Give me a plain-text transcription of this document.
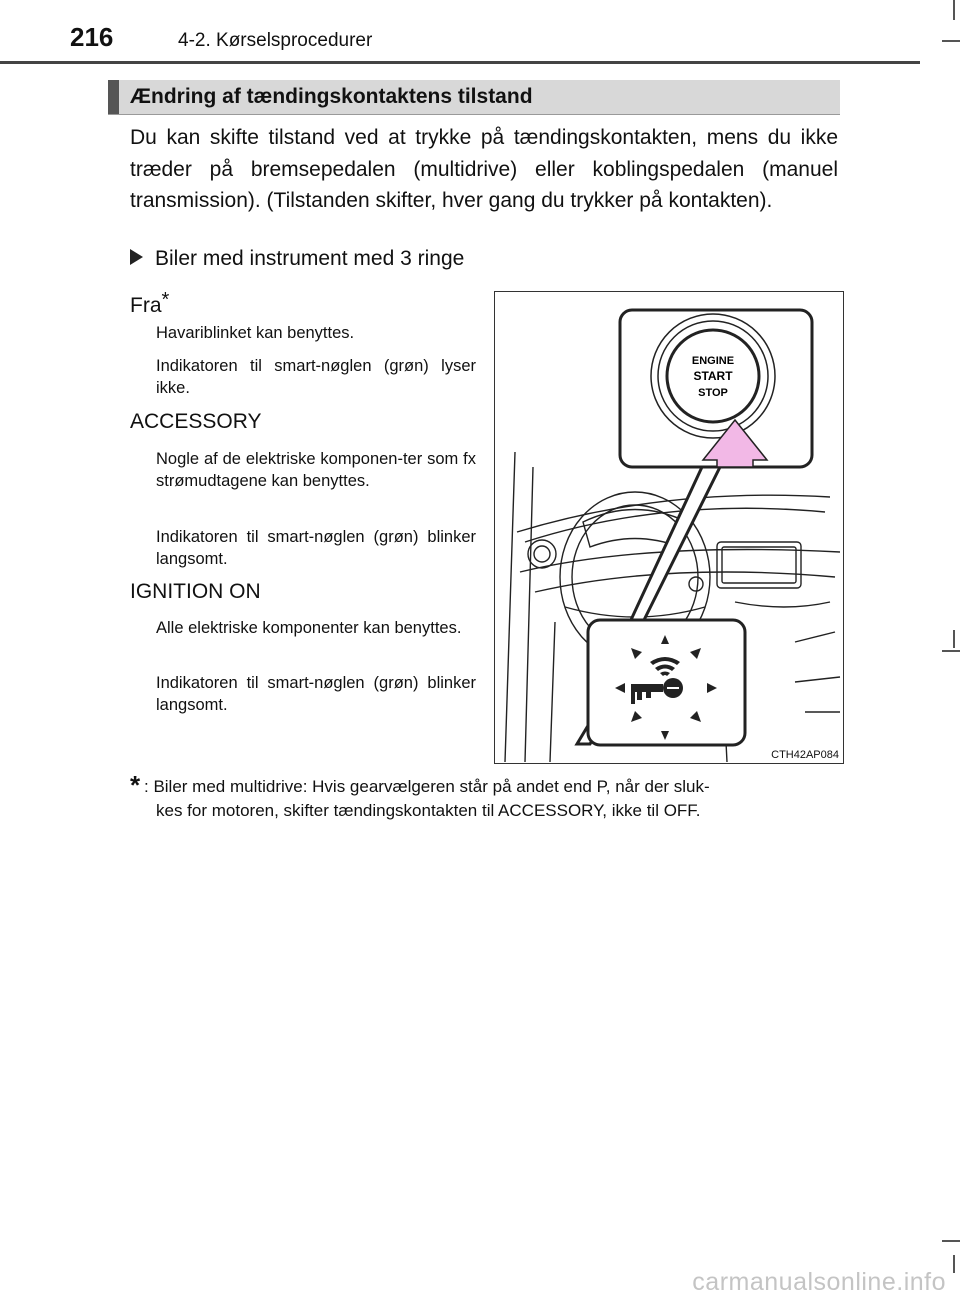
216	4-2. Kørselsprocedurer
Ændring af tændingskontaktens tilstand

Du kan skifte tilstand ved at trykke på tændingskontakten, mens du ikke træder på bremsepedalen (multidrive) eller koblingspedalen (manuel transmission). (Tilstanden skifter, hver gang du trykker på kontakten).

Biler med instrument med 3 ringe
Fra*

Havariblinket kan benyttes.

Indikatoren til smart-nøglen (grøn) lyser ikke.

ACCESSORY

Nogle af de elektriske komponen-ter som fx strømudtagene kan benyttes.

Indikatoren til smart-nøglen (grøn) blinker langsomt.

IGNITION ON

Alle elektriske komponenter kan benyttes.

Indikatoren til smart-nøglen (grøn) blinker langsomt.

ENGINE
START
STOP
CTH42AP084
* : Biler med multidrive: Hvis gearvælgeren står på andet end P, når der sluk-
kes for motoren, skifter tændingskontakten til ACCESSORY, ikke til OFF.
carmanualsonline.info
